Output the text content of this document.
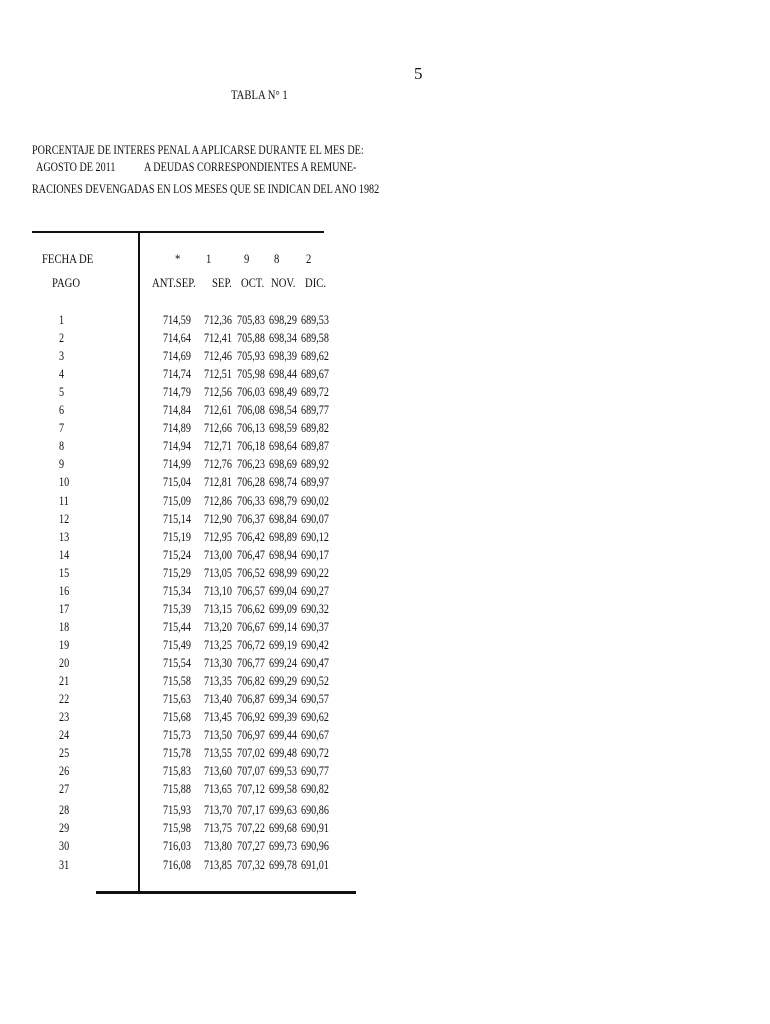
5
TABLA N° 1
PORCENTAJE DE INTERES PENAL A APLICARSE DURANTE EL MES DE:
AGOSTO DE 2011 A DEUDAS CORRESPONDIENTES A REMUNE-
RACIONES DEVENGADAS EN LOS MESES QUE SE INDICAN DEL ANO 1982
FECHA DE
PAGO
* 1	9 8 2
ANT.SEP. SEP. OCT. NOV. DIC.
1	714,59 712,36 705,83 698,29 689,53
2	714,64 712,41 705,88 698,34 689,58
3	714,69 712,46 705,93 698,39 689,62
4	714,74 712,51 705,98 698,44 689,67
5	714,79 712,56 706,03 698,49 689,72
6	714,84 712,61 706,08 698,54 689,77
7	714,89 712,66 706,13 698,59 689,82
8	714,94 712,71 706,18 698,64 689,87
9	714,99 712,76 706,23 698,69 689,92
10	715,04 712,81 706,28 698,74 689,97
11	715,09 712,86 706,33 698,79 690,02
12	715,14 712,90 706,37 698,84 690,07
13	715,19 712,95 706,42 698,89 690,12
14	715,24 713,00 706,47 698,94 690,17
15	715,29 713,05 706,52 698,99 690,22
16	715,34 713,10 706,57 699,04 690,27
17	715,39 713,15 706,62 699,09 690,32
18	715,44 713,20 706,67 699,14 690,37
19	715,49 713,25 706,72 699,19 690,42
20	715,54 713,30 706,77 699,24 690,47
21	715,58 713,35 706,82 699,29 690,52
22	715,63 713,40 706,87 699,34 690,57
23	715,68 713,45 706,92 699,39 690,62
24	715,73 713,50 706,97 699,44 690,67
25	715,78 713,55 707,02 699,48 690,72
26	715,83 713,60 707,07 699,53 690,77
27	715,88 713,65 707,12 699,58 690,82
28	715,93 713,70 707,17 699,63 690,86
29	715,98 713,75 707,22 699,68 690,91
30	716,03 713,80 707,27 699,73 690,96
31	716,08 713,85 707,32 699,78 691,01
